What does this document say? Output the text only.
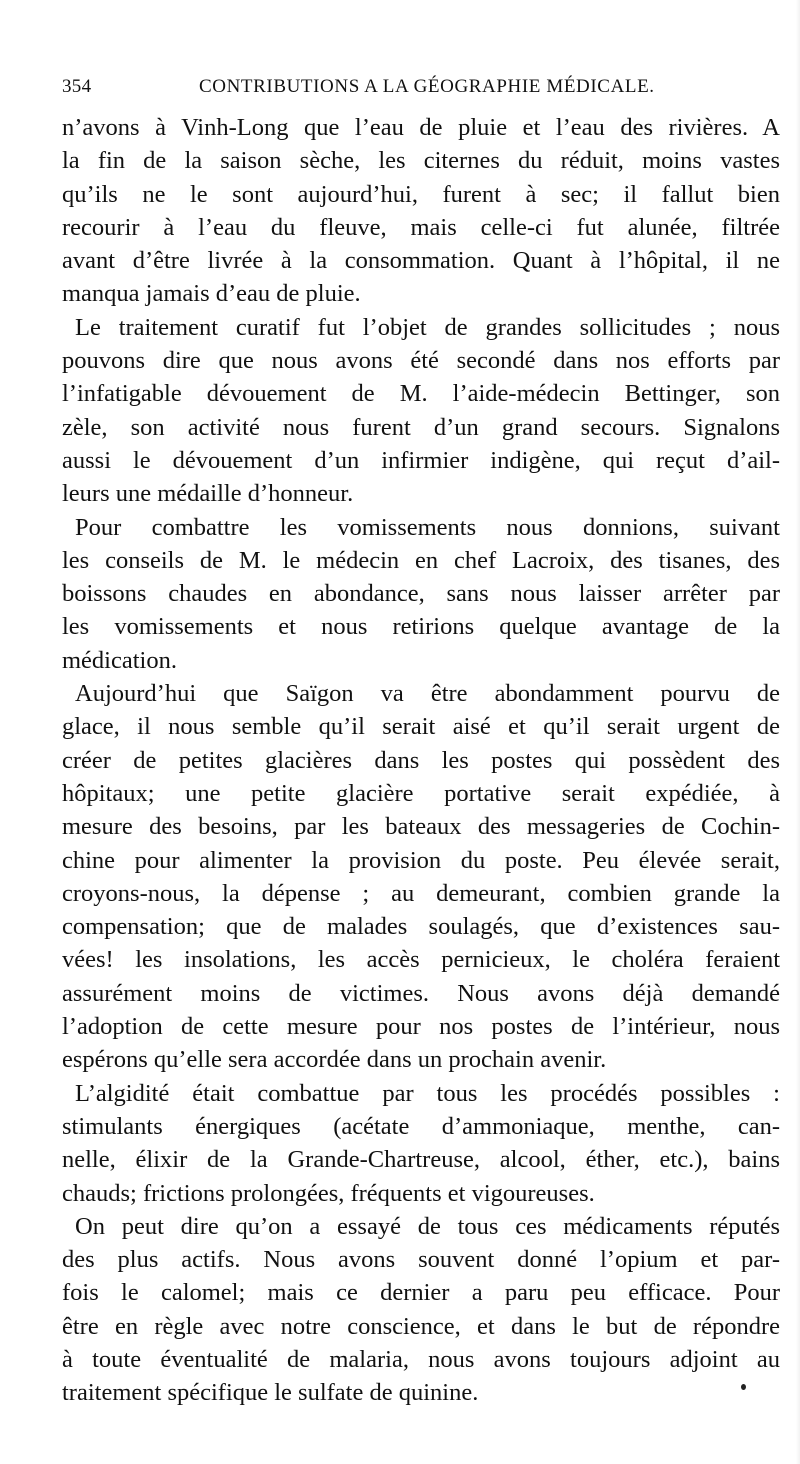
354	CONTRIBUTIONS A LA GÉOGRAPHIE MÉDICALE.
n’avons à Vinh-Long que l’eau de pluie et l’eau des rivières. A
la fin de la saison sèche, les citernes du réduit, moins vastes
qu’ils ne le sont aujourd’hui, furent à sec; il fallut bien
recourir à l’eau du fleuve, mais celle-ci fut alunée, filtrée
avant d’être livrée à la consommation. Quant à l’hôpital, il ne
manqua jamais d’eau de pluie.
Le traitement curatif fut l’objet de grandes sollicitudes ; nous
pouvons dire que nous avons été secondé dans nos efforts par
l’infatigable dévouement de M. l’aide-médecin Bettinger, son
zèle, son activité nous furent d’un grand secours. Signalons
aussi le dévouement d’un infirmier indigène, qui reçut d’ail-
leurs une médaille d’honneur.
Pour combattre les vomissements nous donnions, suivant
les conseils de M. le médecin en chef Lacroix, des tisanes, des
boissons chaudes en abondance, sans nous laisser arrêter par
les vomissements et nous retirions quelque avantage de la
médication.
Aujourd’hui que Saïgon va être abondamment pourvu de
glace, il nous semble qu’il serait aisé et qu’il serait urgent de
créer de petites glacières dans les postes qui possèdent des
hôpitaux; une petite glacière portative serait expédiée, à
mesure des besoins, par les bateaux des messageries de Cochin-
chine pour alimenter la provision du poste. Peu élevée serait,
croyons-nous, la dépense ; au demeurant, combien grande la
compensation; que de malades soulagés, que d’existences sau-
vées! les insolations, les accès pernicieux, le choléra feraient
assurément moins de victimes. Nous avons déjà demandé
l’adoption de cette mesure pour nos postes de l’intérieur, nous
espérons qu’elle sera accordée dans un prochain avenir.
L’algidité était combattue par tous les procédés possibles :
stimulants énergiques (acétate d’ammoniaque, menthe, can-
nelle, élixir de la Grande-Chartreuse, alcool, éther, etc.), bains
chauds; frictions prolongées, fréquents et vigoureuses.
On peut dire qu’on a essayé de tous ces médicaments réputés
des plus actifs. Nous avons souvent donné l’opium et par-
fois le calomel; mais ce dernier a paru peu efficace. Pour
être en règle avec notre conscience, et dans le but de répondre
à toute éventualité de malaria, nous avons toujours adjoint au
traitement spécifique le sulfate de quinine.
